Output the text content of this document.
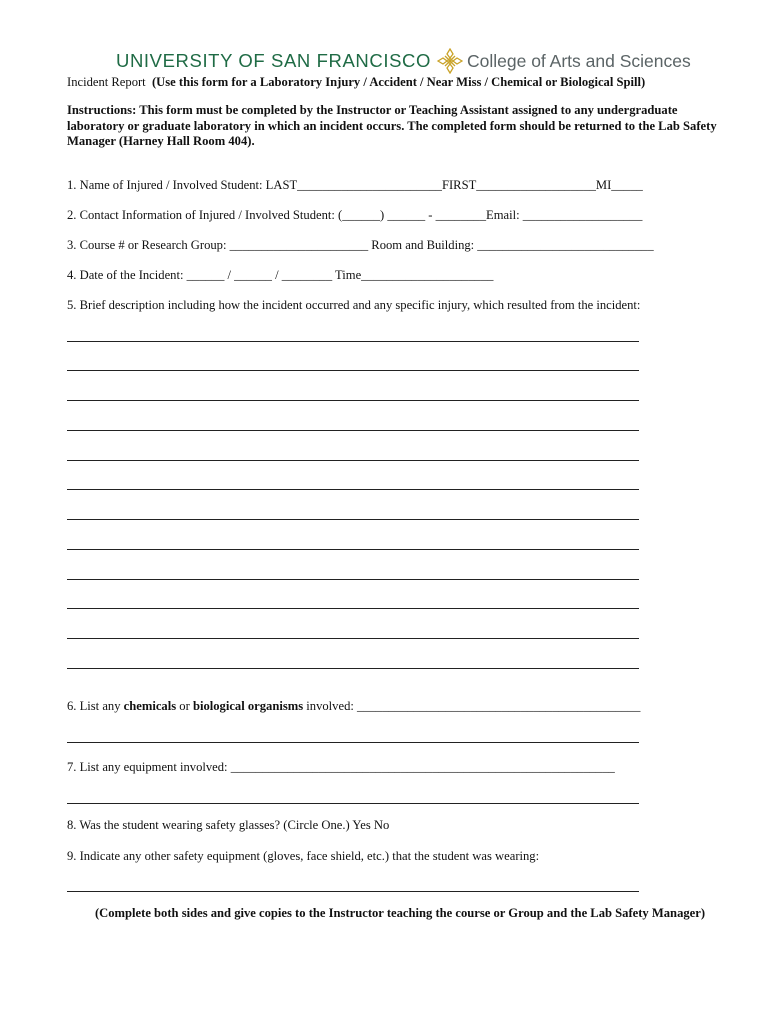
UNIVERSITY OF SAN FRANCISCO College of Arts and Sciences
Incident Report (Use this form for a Laboratory Injury / Accident / Near Miss / Chemical or Biological Spill)
Instructions: This form must be completed by the Instructor or Teaching Assistant assigned to any undergraduate laboratory or graduate laboratory in which an incident occurs. The completed form should be returned to the Lab Safety Manager (Harney Hall Room 404).
1. Name of Injured / Involved Student: LAST_______________________FIRST___________________MI_____
2. Contact Information of Injured / Involved Student: (______) ______ - ________Email: ___________________
3. Course # or Research Group: ______________________ Room and Building: ____________________________
4. Date of the Incident: ______ / ______ / ________ Time_____________________
5. Brief description including how the incident occurred and any specific injury, which resulted from the incident:
6. List any chemicals or biological organisms involved: _____________________________________________
7. List any equipment involved: _____________________________________________________________
8. Was the student wearing safety glasses? (Circle One.) Yes No
9. Indicate any other safety equipment (gloves, face shield, etc.) that the student was wearing:
(Complete both sides and give copies to the Instructor teaching the course or Group and the Lab Safety Manager)
